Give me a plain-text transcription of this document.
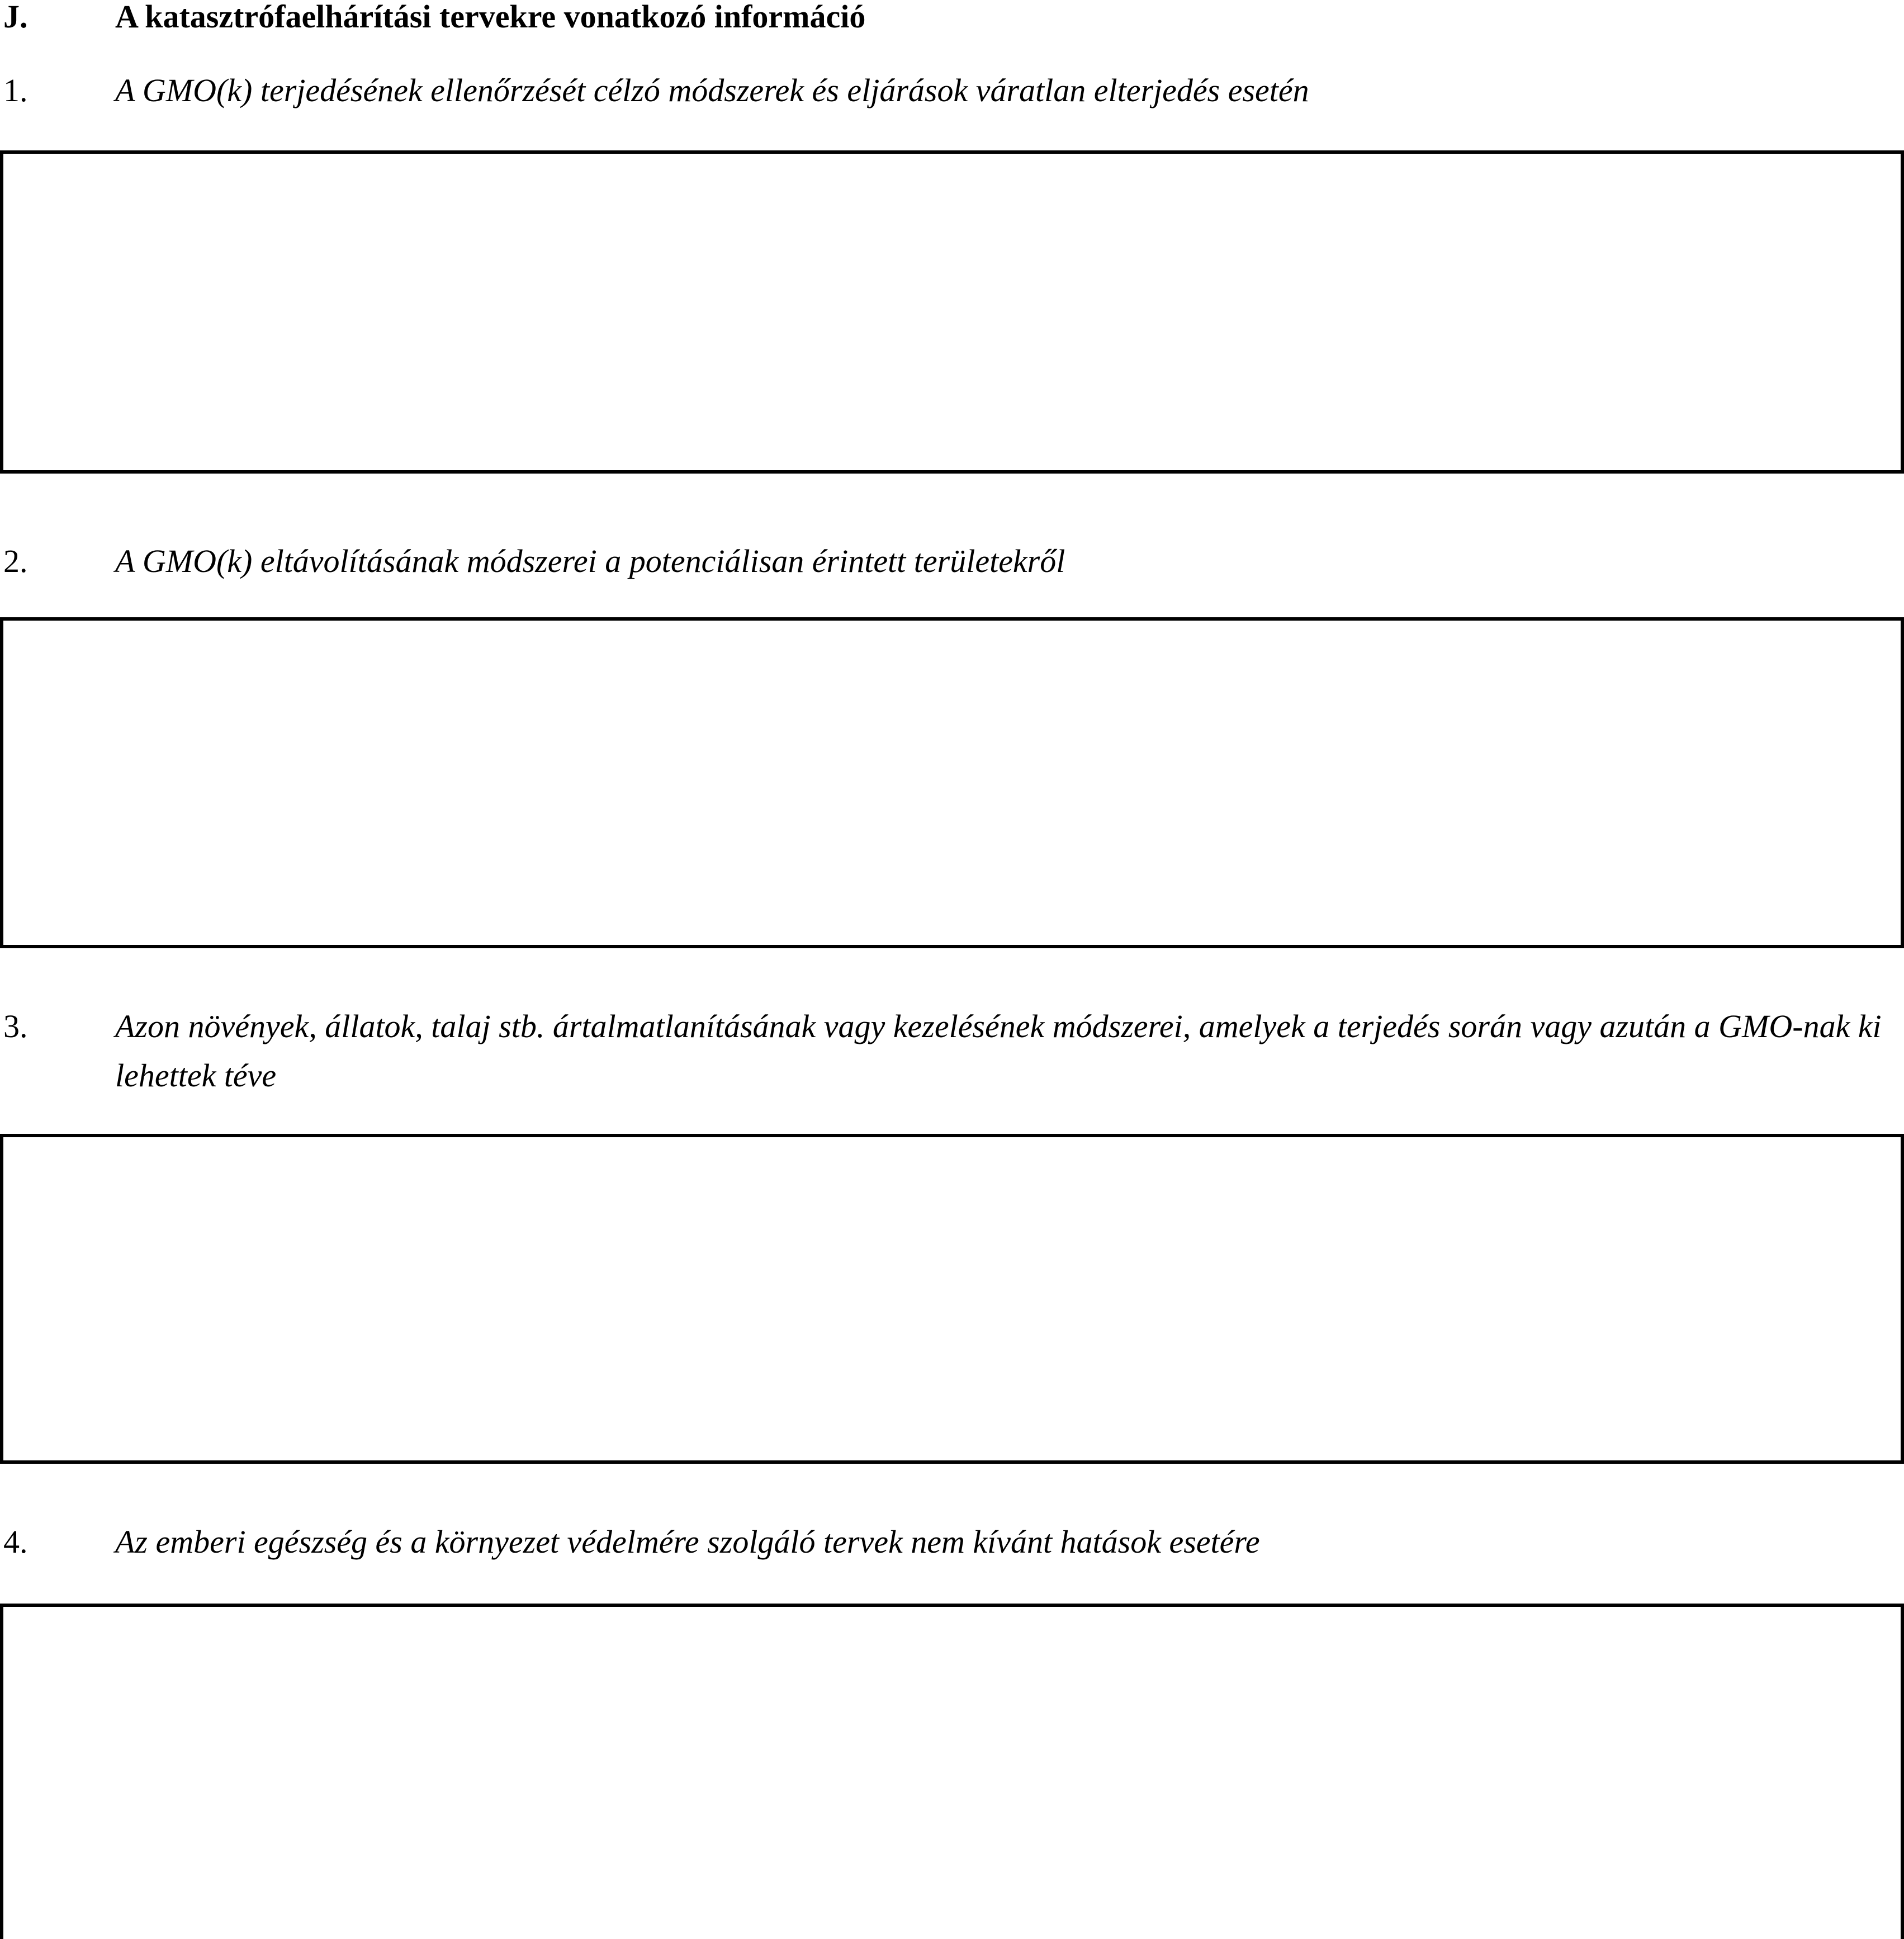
J.	A katasztrófaelhárítási tervekre vonatkozó információ
1.	A GMO(k) terjedésének ellenőrzését célzó módszerek és eljárások váratlan elterjedés esetén
2.	A GMO(k) eltávolításának módszerei a potenciálisan érintett területekről
3.	Azon növények, állatok, talaj stb. ártalmatlanításának vagy kezelésének módszerei, amelyek a terjedés során vagy azután a GMO-nak ki lehettek téve
4.	Az emberi egészség és a környezet védelmére szolgáló tervek nem kívánt hatások esetére
